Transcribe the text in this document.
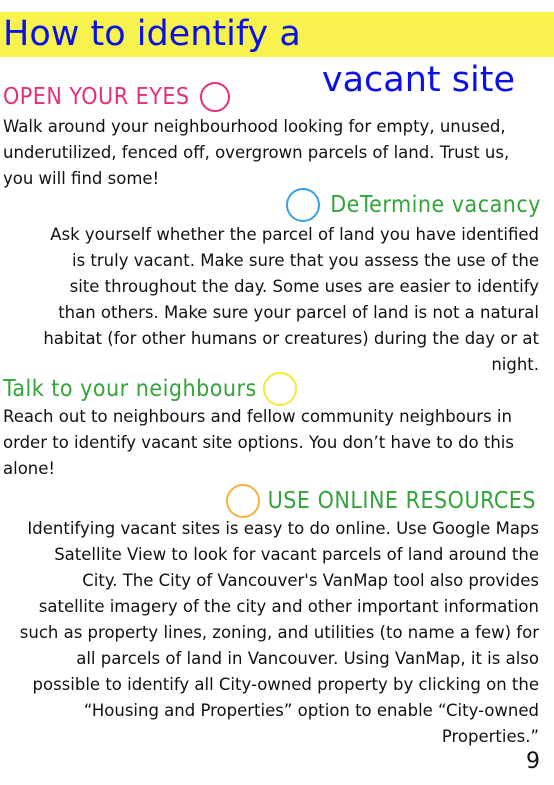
How to identify a
vacant site
OPEN YOUR EYES

Walk around your neighbourhood looking for empty, unused, underutilized, fenced off, overgrown parcels of land. Trust us, you will find some!

DeTermine vacancy

Ask yourself whether the parcel of land you have identified is truly vacant. Make sure that you assess the use of the site throughout the day. Some uses are easier to identify than others. Make sure your parcel of land is not a natural habitat (for other humans or creatures) during the day or at night.

Talk to your neighbours

Reach out to neighbours and fellow community neighbours in order to identify vacant site options. You don’t have to do this alone!

USE ONLINE RESOURCES

Identifying vacant sites is easy to do online. Use Google Maps Satellite View to look for vacant parcels of land around the City. The City of Vancouver's VanMap tool also provides satellite imagery of the city and other important information such as property lines, zoning, and utilities (to name a few) for all parcels of land in Vancouver. Using VanMap, it is also possible to identify all City-owned property by clicking on the “Housing and Properties” option to enable “City-owned Properties.”

9
